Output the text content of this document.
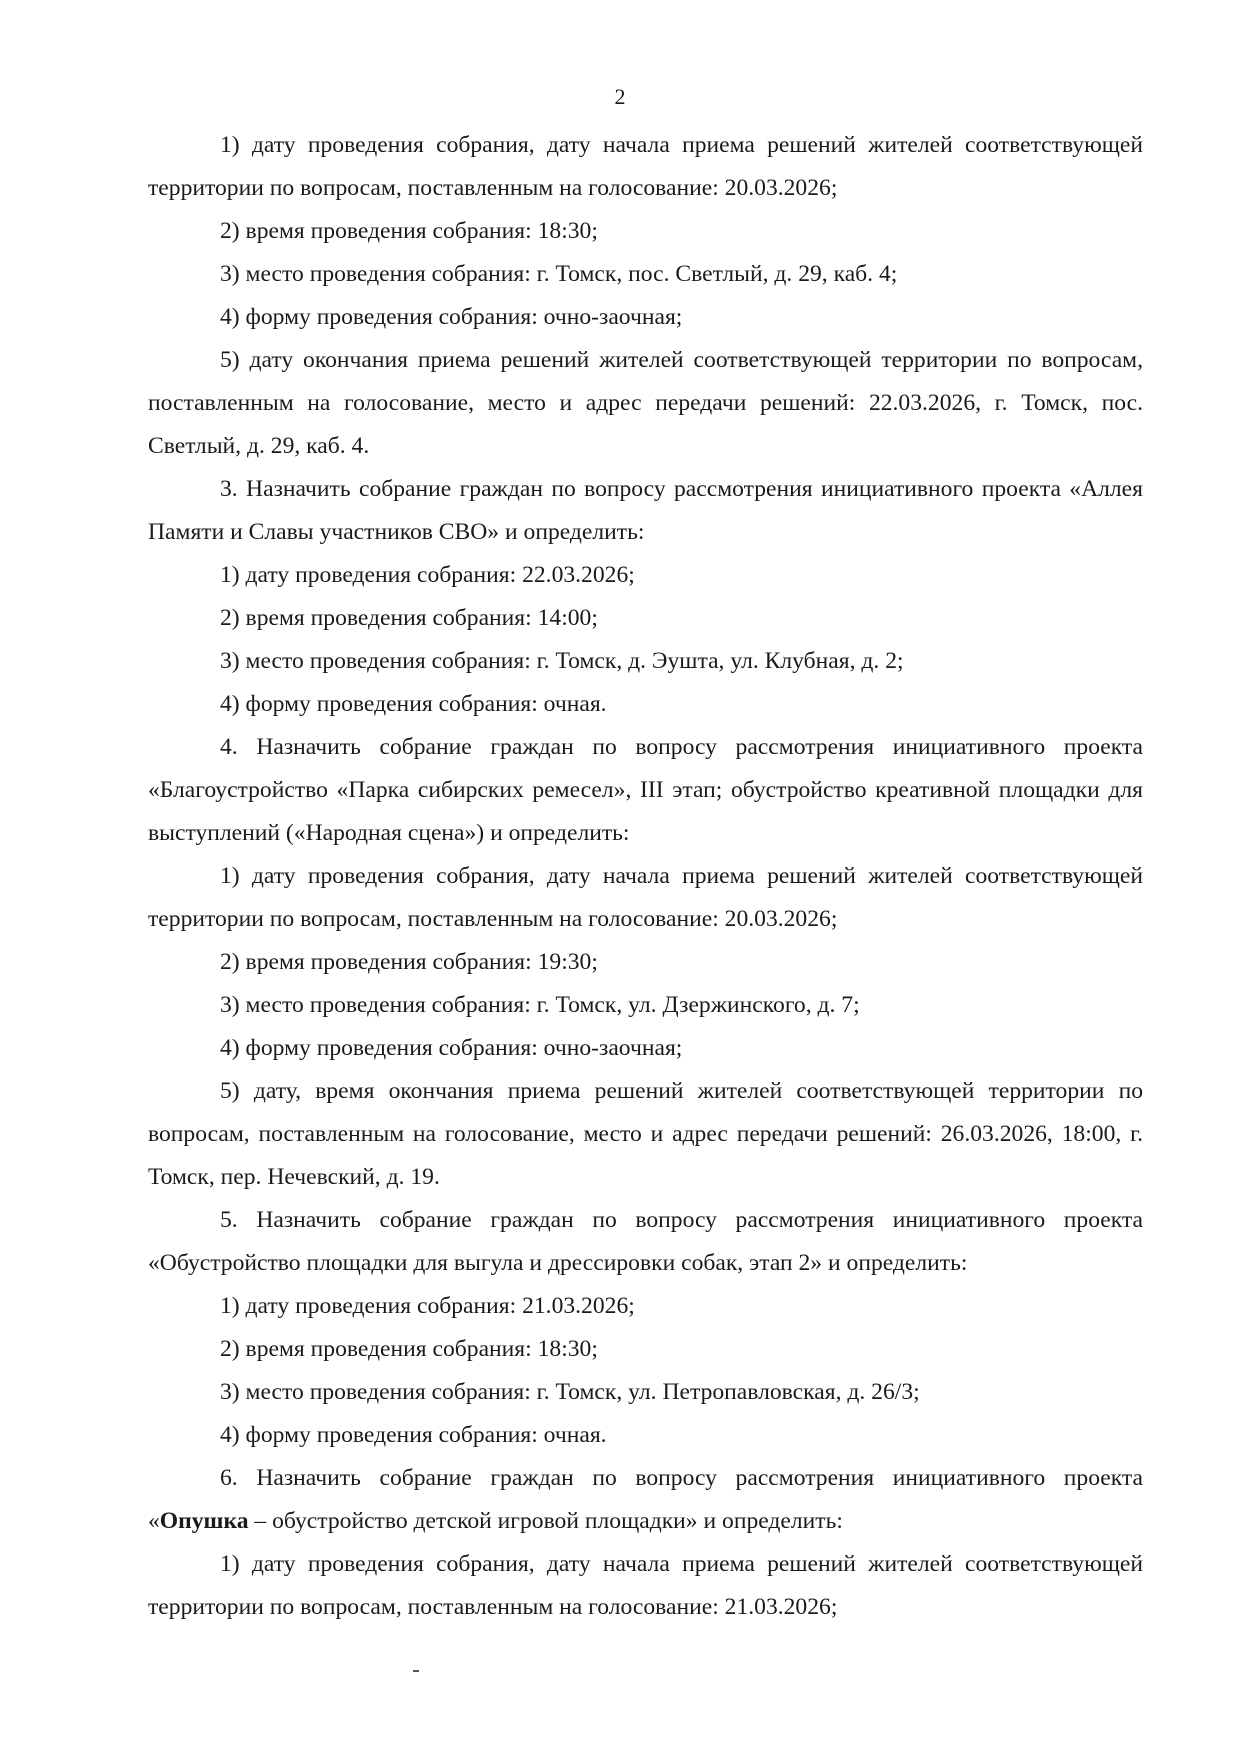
2

1) дату проведения собрания, дату начала приема решений жителей соответствующей территории по вопросам, поставленным на голосование: 20.03.2026;

2) время проведения собрания: 18:30;

3) место проведения собрания: г. Томск, пос. Светлый, д. 29, каб. 4;

4) форму проведения собрания: очно-заочная;

5) дату окончания приема решений жителей соответствующей территории по вопросам, поставленным на голосование, место и адрес передачи решений: 22.03.2026, г. Томск, пос. Светлый, д. 29, каб. 4.

3. Назначить собрание граждан по вопросу рассмотрения инициативного проекта «Аллея Памяти и Славы участников СВО» и определить:

1) дату проведения собрания: 22.03.2026;

2) время проведения собрания: 14:00;

3) место проведения собрания: г. Томск, д. Эушта, ул. Клубная, д. 2;

4) форму проведения собрания: очная.

4. Назначить собрание граждан по вопросу рассмотрения инициативного проекта «Благоустройство «Парка сибирских ремесел», III этап; обустройство креативной площадки для выступлений («Народная сцена») и определить:

1) дату проведения собрания, дату начала приема решений жителей соответствующей территории по вопросам, поставленным на голосование: 20.03.2026;

2) время проведения собрания: 19:30;

3) место проведения собрания: г. Томск, ул. Дзержинского, д. 7;

4) форму проведения собрания: очно-заочная;

5) дату, время окончания приема решений жителей соответствующей территории по вопросам, поставленным на голосование, место и адрес передачи решений: 26.03.2026, 18:00, г. Томск, пер. Нечевский, д. 19.

5. Назначить собрание граждан по вопросу рассмотрения инициативного проекта «Обустройство площадки для выгула и дрессировки собак, этап 2» и определить:

1) дату проведения собрания: 21.03.2026;

2) время проведения собрания: 18:30;

3) место проведения собрания: г. Томск, ул. Петропавловская, д. 26/3;

4) форму проведения собрания: очная.

6. Назначить собрание граждан по вопросу рассмотрения инициативного проекта «Опушка – обустройство детской игровой площадки» и определить:

1) дату проведения собрания, дату начала приема решений жителей соответствующей территории по вопросам, поставленным на голосование: 21.03.2026;
